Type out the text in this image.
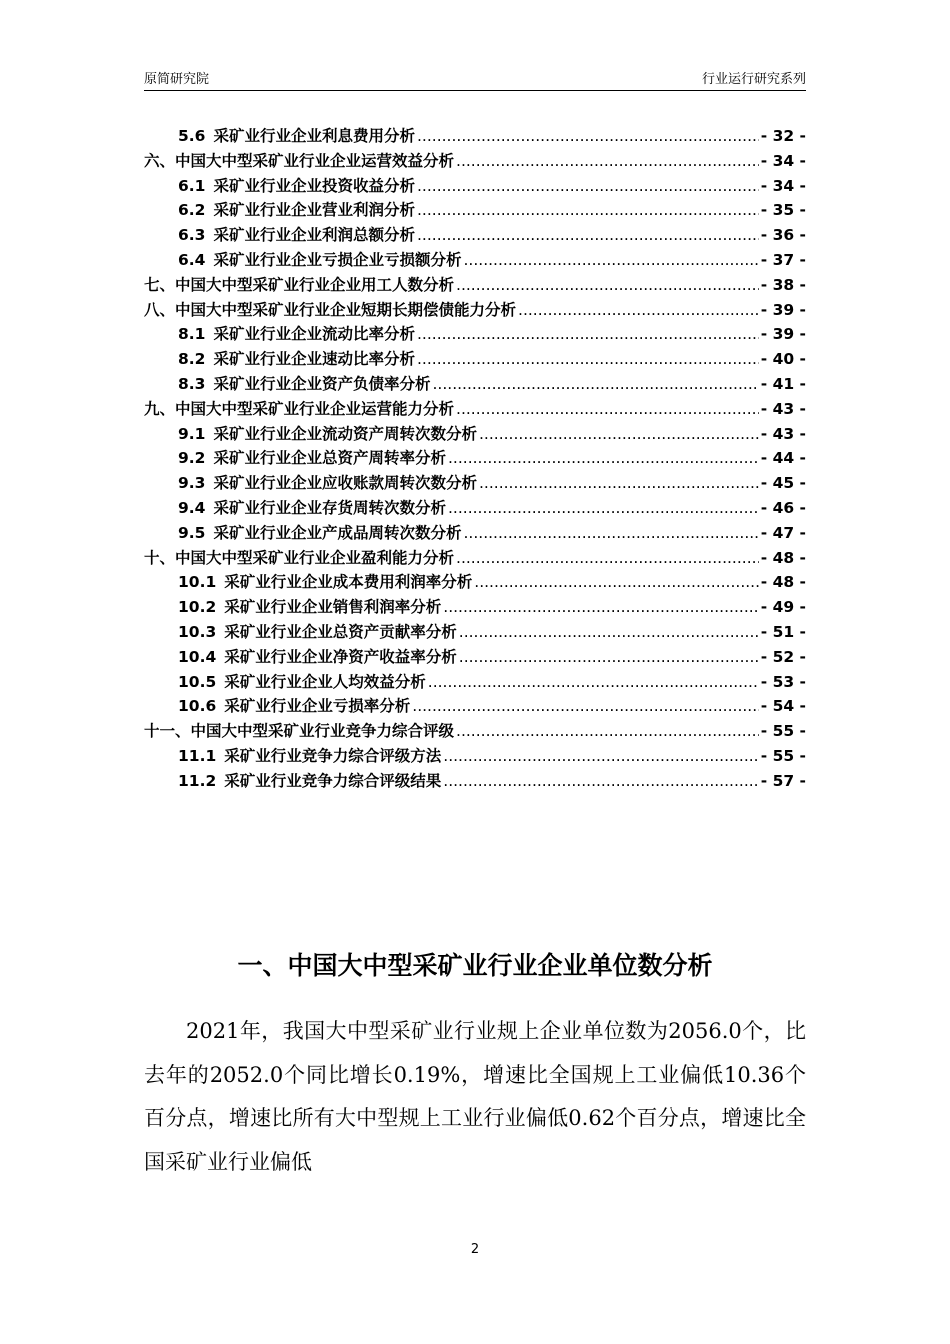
原简研究院	行业运行研究系列
5.6 采矿业行业企业利息费用分析 .....	- 32 -
六、中国大中型采矿业行业企业运营效益分析 .....	- 34 -
6.1 采矿业行业企业投资收益分析 .....	- 34 -
6.2 采矿业行业企业营业利润分析 .....	- 35 -
6.3 采矿业行业企业利润总额分析 .....	- 36 -
6.4 采矿业行业企业亏损企业亏损额分析 .....	- 37 -
七、中国大中型采矿业行业企业用工人数分析 .....	- 38 -
八、中国大中型采矿业行业企业短期长期偿债能力分析 .....	- 39 -
8.1 采矿业行业企业流动比率分析 .....	- 39 -
8.2 采矿业行业企业速动比率分析 .....	- 40 -
8.3 采矿业行业企业资产负债率分析 .....	- 41 -
九、中国大中型采矿业行业企业运营能力分析 .....	- 43 -
9.1 采矿业行业企业流动资产周转次数分析 .....	- 43 -
9.2 采矿业行业企业总资产周转率分析 .....	- 44 -
9.3 采矿业行业企业应收账款周转次数分析 .....	- 45 -
9.4 采矿业行业企业存货周转次数分析 .....	- 46 -
9.5 采矿业行业企业产成品周转次数分析 .....	- 47 -
十、中国大中型采矿业行业企业盈利能力分析 .....	- 48 -
10.1 采矿业行业企业成本费用利润率分析 .....	- 48 -
10.2 采矿业行业企业销售利润率分析 .....	- 49 -
10.3 采矿业行业企业总资产贡献率分析 .....	- 51 -
10.4 采矿业行业企业净资产收益率分析 .....	- 52 -
10.5 采矿业行业企业人均效益分析 .....	- 53 -
10.6 采矿业行业企业亏损率分析 .....	- 54 -
十一、中国大中型采矿业行业竞争力综合评级 .....	- 55 -
11.1 采矿业行业竞争力综合评级方法 .....	- 55 -
11.2 采矿业行业竞争力综合评级结果 .....	- 57 -
一、中国大中型采矿业行业企业单位数分析
2021年，我国大中型采矿业行业规上企业单位数为2056.0个，比去年的2052.0个同比增长0.19%，增速比全国规上工业偏低10.36个百分点，增速比所有大中型规上工业行业偏低0.62个百分点，增速比全国采矿业行业偏低
2
